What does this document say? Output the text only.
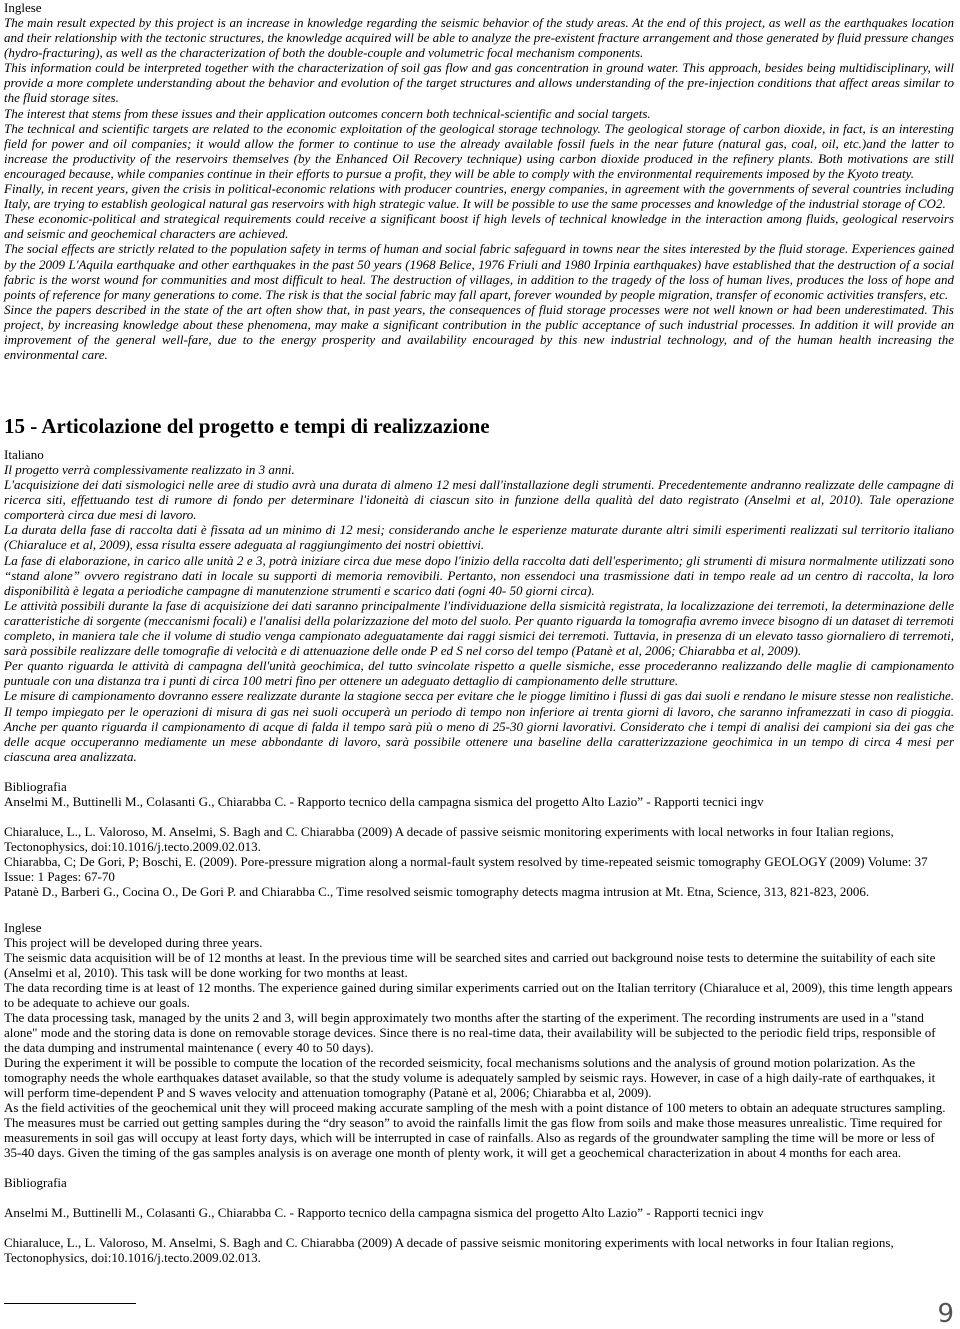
Inglese

The main result expected by this project is an increase in knowledge regarding the seismic behavior of the study areas. At the end of this project, as well as the earthquakes location and their relationship with the tectonic structures, the knowledge acquired will be able to analyze the pre-existent fracture arrangement and those generated by fluid pressure changes (hydro-fracturing), as well as the characterization of both the double-couple and volumetric focal mechanism components.

This information could be interpreted together with the characterization of soil gas flow and gas concentration in ground water. This approach, besides being multidisciplinary, will provide a more complete understanding about the behavior and evolution of the target structures and allows understanding of the pre-injection conditions that affect areas similar to the fluid storage sites.

The interest that stems from these issues and their application outcomes concern both technical-scientific and social targets.

The technical and scientific targets are related to the economic exploitation of the geological storage technology. The geological storage of carbon dioxide, in fact, is an interesting field for power and oil companies; it would allow the former to continue to use the already available fossil fuels in the near future (natural gas, coal, oil, etc.)and the latter to increase the productivity of the reservoirs themselves (by the Enhanced Oil Recovery technique) using carbon dioxide produced in the refinery plants. Both motivations are still encouraged because, while companies continue in their efforts to pursue a profit, they will be able to comply with the environmental requirements imposed by the Kyoto treaty.

Finally, in recent years, given the crisis in political-economic relations with producer countries, energy companies, in agreement with the governments of several countries including Italy, are trying to establish geological natural gas reservoirs with high strategic value. It will be possible to use the same processes and knowledge of the industrial storage of CO2.

These economic-political and strategical requirements could receive a significant boost if high levels of technical knowledge in the interaction among fluids, geological reservoirs and seismic and geochemical characters are achieved.

The social effects are strictly related to the population safety in terms of human and social fabric safeguard in towns near the sites interested by the fluid storage. Experiences gained by the 2009 L'Aquila earthquake and other earthquakes in the past 50 years (1968 Belice, 1976 Friuli and 1980 Irpinia earthquakes) have established that the destruction of a social fabric is the worst wound for communities and most difficult to heal. The destruction of villages, in addition to the tragedy of the loss of human lives, produces the loss of hope and points of reference for many generations to come. The risk is that the social fabric may fall apart, forever wounded by people migration, transfer of economic activities transfers, etc.

Since the papers described in the state of the art often show that, in past years, the consequences of fluid storage processes were not well known or had been underestimated. This project, by increasing knowledge about these phenomena, may make a significant contribution in the public acceptance of such industrial processes. In addition it will provide an improvement of the general well-fare, due to the energy prosperity and availability encouraged by this new industrial technology, and of the human health increasing the environmental care.

15 - Articolazione del progetto e tempi di realizzazione

Italiano

Il progetto verrà complessivamente realizzato in 3 anni.

L'acquisizione dei dati sismologici nelle aree di studio avrà una durata di almeno 12 mesi dall'installazione degli strumenti. Precedentemente andranno realizzate delle campagne di ricerca siti, effettuando test di rumore di fondo per determinare l'idoneità di ciascun sito in funzione della qualità del dato registrato (Anselmi et al, 2010). Tale operazione comporterà circa due mesi di lavoro.

La durata della fase di raccolta dati è fissata ad un minimo di 12 mesi; considerando anche le esperienze maturate durante altri simili esperimenti realizzati sul territorio italiano (Chiaraluce et al, 2009), essa risulta essere adeguata al raggiungimento dei nostri obiettivi.

La fase di elaborazione, in carico alle unità 2 e 3, potrà iniziare circa due mese dopo l'inizio della raccolta dati dell'esperimento; gli strumenti di misura normalmente utilizzati sono “stand alone” ovvero registrano dati in locale su supporti di memoria removibili. Pertanto, non essendoci una trasmissione dati in tempo reale ad un centro di raccolta, la loro disponibilità è legata a periodiche campagne di manutenzione strumenti e scarico dati (ogni 40- 50 giorni circa).

Le attività possibili durante la fase di acquisizione dei dati saranno principalmente l'individuazione della sismicità registrata, la localizzazione dei terremoti, la determinazione delle caratteristiche di sorgente (meccanismi focali) e l'analisi della polarizzazione del moto del suolo. Per quanto riguarda la tomografia avremo invece bisogno di un dataset di terremoti completo, in maniera tale che il volume di studio venga campionato adeguatamente dai raggi sismici dei terremoti. Tuttavia, in presenza di un elevato tasso giornaliero di terremoti, sarà possibile realizzare delle tomografie di velocità e di attenuazione delle onde P ed S nel corso del tempo (Patanè et al, 2006; Chiarabba et al, 2009).

Per quanto riguarda le attività di campagna dell'unità geochimica, del tutto svincolate rispetto a quelle sismiche, esse procederanno realizzando delle maglie di campionamento puntuale con una distanza tra i punti di circa 100 metri fino per ottenere un adeguato dettaglio di campionamento delle strutture.

Le misure di campionamento dovranno essere realizzate durante la stagione secca per evitare che le piogge limitino i flussi di gas dai suoli e rendano le misure stesse non realistiche. Il tempo impiegato per le operazioni di misura di gas nei suoli occuperà un periodo di tempo non inferiore ai trenta giorni di lavoro, che saranno inframezzati in caso di pioggia. Anche per quanto riguarda il campionamento di acque di falda il tempo sarà più o meno di 25-30 giorni lavorativi. Considerato che i tempi di analisi dei campioni sia dei gas che delle acque occuperanno mediamente un mese abbondante di lavoro, sarà possibile ottenere una baseline della caratterizzazione geochimica in un tempo di circa 4 mesi per ciascuna area analizzata.

Bibliografia

Anselmi M., Buttinelli M., Colasanti G., Chiarabba C. - Rapporto tecnico della campagna sismica del progetto Alto Lazio” - Rapporti tecnici ingv

Chiaraluce, L., L. Valoroso, M. Anselmi, S. Bagh and C. Chiarabba (2009) A decade of passive seismic monitoring experiments with local networks in four Italian regions, Tectonophysics, doi:10.1016/j.tecto.2009.02.013.

Chiarabba, C; De Gori, P; Boschi, E. (2009). Pore-pressure migration along a normal-fault system resolved by time-repeated seismic tomography GEOLOGY (2009) Volume: 37 Issue: 1 Pages: 67-70

Patanè D., Barberi G., Cocina O., De Gori P. and Chiarabba C., Time resolved seismic tomography detects magma intrusion at Mt. Etna, Science, 313, 821-823, 2006.

Inglese

This project will be developed during three years.

The seismic data acquisition will be of 12 months at least. In the previous time will be searched sites and carried out background noise tests to determine the suitability of each site (Anselmi et al, 2010). This task will be done working for two months at least.

The data recording time is at least of 12 months. The experience gained during similar experiments carried out on the Italian territory (Chiaraluce et al, 2009), this time length appears to be adequate to achieve our goals.

The data processing task, managed by the units 2 and 3, will begin approximately two months after the starting of the experiment. The recording instruments are used in a "stand alone" mode and the storing data is done on removable storage devices. Since there is no real-time data, their availability will be subjected to the periodic field trips, responsible of the data dumping and instrumental maintenance ( every 40 to 50 days).

During the experiment it will be possible to compute the location of the recorded seismicity, focal mechanisms solutions and the analysis of ground motion polarization. As the tomography needs the whole earthquakes dataset available, so that the study volume is adequately sampled by seismic rays. However, in case of a high daily-rate of earthquakes, it will perform time-dependent P and S waves velocity and attenuation tomography (Patanè et al, 2006; Chiarabba et al, 2009).

As the field activities of the geochemical unit they will proceed making accurate sampling of the mesh with a point distance of 100 meters to obtain an adequate structures sampling.

The measures must be carried out getting samples during the “dry season” to avoid the rainfalls limit the gas flow from soils and make those measures unrealistic. Time required for measurements in soil gas will occupy at least forty days, which will be interrupted in case of rainfalls. Also as regards of the groundwater sampling the time will be more or less of 35-40 days. Given the timing of the gas samples analysis is on average one month of plenty work, it will get a geochemical characterization in about 4 months for each area.

Bibliografia

Anselmi M., Buttinelli M., Colasanti G., Chiarabba C. - Rapporto tecnico della campagna sismica del progetto Alto Lazio” - Rapporti tecnici ingv

Chiaraluce, L., L. Valoroso, M. Anselmi, S. Bagh and C. Chiarabba (2009) A decade of passive seismic monitoring experiments with local networks in four Italian regions, Tectonophysics, doi:10.1016/j.tecto.2009.02.013.

9
